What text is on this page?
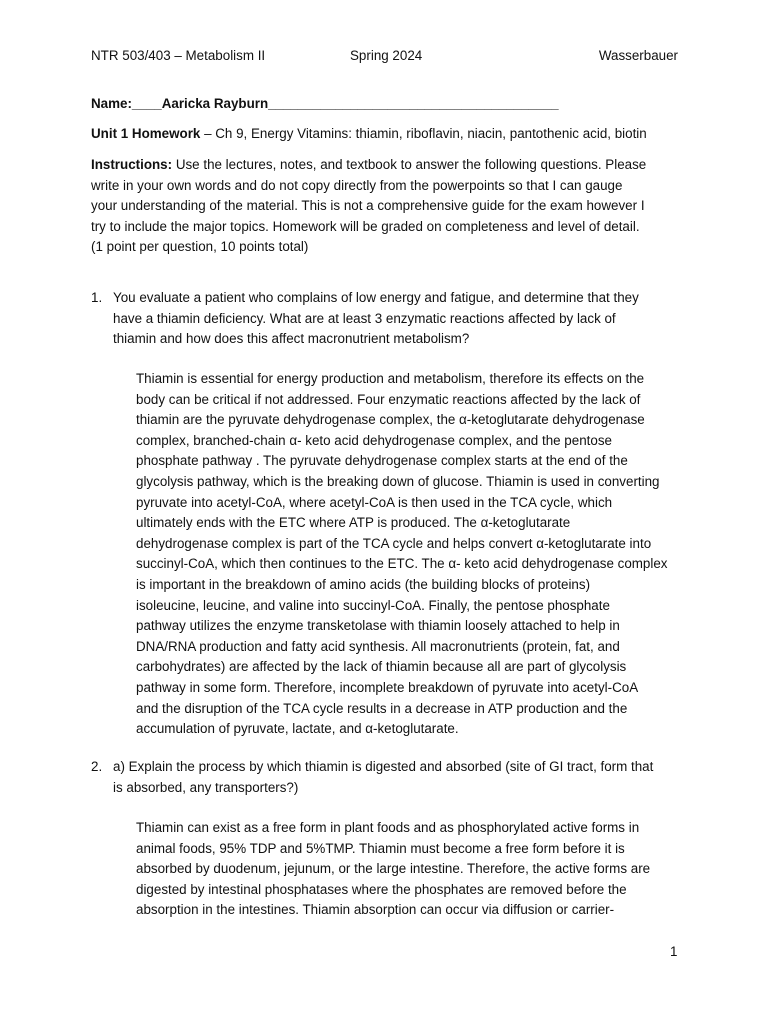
NTR 503/403 – Metabolism II	Spring 2024	Wasserbauer
Name:____Aaricka Rayburn_______________________________________
Unit 1 Homework – Ch 9, Energy Vitamins: thiamin, riboflavin, niacin, pantothenic acid, biotin
Instructions: Use the lectures, notes, and textbook to answer the following questions. Please
write in your own words and do not copy directly from the powerpoints so that I can gauge
your understanding of the material. This is not a comprehensive guide for the exam however I
try to include the major topics. Homework will be graded on completeness and level of detail.
(1 point per question, 10 points total)
1. You evaluate a patient who complains of low energy and fatigue, and determine that they
have a thiamin deficiency. What are at least 3 enzymatic reactions affected by lack of
thiamin and how does this affect macronutrient metabolism?
Thiamin is essential for energy production and metabolism, therefore its effects on the
body can be critical if not addressed. Four enzymatic reactions affected by the lack of
thiamin are the pyruvate dehydrogenase complex, the α-ketoglutarate dehydrogenase
complex, branched-chain α- keto acid dehydrogenase complex, and the pentose
phosphate pathway . The pyruvate dehydrogenase complex starts at the end of the
glycolysis pathway, which is the breaking down of glucose. Thiamin is used in converting
pyruvate into acetyl-CoA, where acetyl-CoA is then used in the TCA cycle, which
ultimately ends with the ETC where ATP is produced. The α-ketoglutarate
dehydrogenase complex is part of the TCA cycle and helps convert α-ketoglutarate into
succinyl-CoA, which then continues to the ETC. The α- keto acid dehydrogenase complex
is important in the breakdown of amino acids (the building blocks of proteins)
isoleucine, leucine, and valine into succinyl-CoA. Finally, the pentose phosphate
pathway utilizes the enzyme transketolase with thiamin loosely attached to help in
DNA/RNA production and fatty acid synthesis. All macronutrients (protein, fat, and
carbohydrates) are affected by the lack of thiamin because all are part of glycolysis
pathway in some form. Therefore, incomplete breakdown of pyruvate into acetyl-CoA
and the disruption of the TCA cycle results in a decrease in ATP production and the
accumulation of pyruvate, lactate, and α-ketoglutarate.
2. a) Explain the process by which thiamin is digested and absorbed (site of GI tract, form that
is absorbed, any transporters?)
Thiamin can exist as a free form in plant foods and as phosphorylated active forms in
animal foods, 95% TDP and 5%TMP. Thiamin must become a free form before it is
absorbed by duodenum, jejunum, or the large intestine. Therefore, the active forms are
digested by intestinal phosphatases where the phosphates are removed before the
absorption in the intestines. Thiamin absorption can occur via diffusion or carrier-
1
